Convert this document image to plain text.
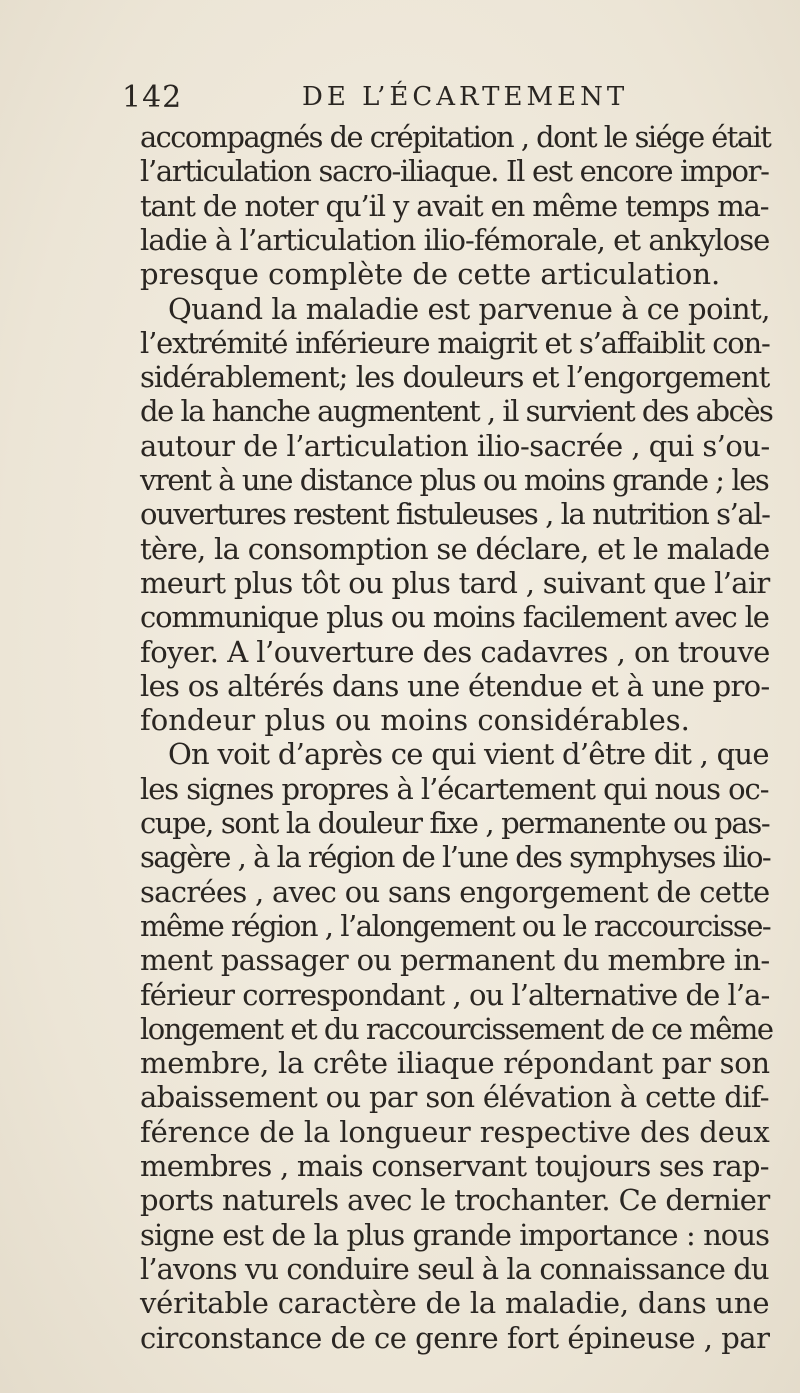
142	DE L’ÉCARTEMENT
accompagnés de crépitation , dont le siége était
l’articulation sacro-iliaque. Il est encore impor-
tant de noter qu’il y avait en même temps ma-
ladie à l’articulation ilio-fémorale, et ankylose
presque complète de cette articulation.
Quand la maladie est parvenue à ce point,
l’extrémité inférieure maigrit et s’affaiblit con-
sidérablement; les douleurs et l’engorgement
de la hanche augmentent , il survient des abcès
autour de l’articulation ilio-sacrée , qui s’ou-
vrent à une distance plus ou moins grande ; les
ouvertures restent fistuleuses , la nutrition s’al-
tère, la consomption se déclare, et le malade
meurt plus tôt ou plus tard , suivant que l’air
communique plus ou moins facilement avec le
foyer. A l’ouverture des cadavres , on trouve
les os altérés dans une étendue et à une pro-
fondeur plus ou moins considérables.
On voit d’après ce qui vient d’être dit , que
les signes propres à l’écartement qui nous oc-
cupe, sont la douleur fixe , permanente ou pas-
sagère , à la région de l’une des symphyses ilio-
sacrées , avec ou sans engorgement de cette
même région , l’alongement ou le raccourcisse-
ment passager ou permanent du membre in-
férieur correspondant , ou l’alternative de l’a-
longement et du raccourcissement de ce même
membre, la crête iliaque répondant par son
abaissement ou par son élévation à cette dif-
férence de la longueur respective des deux
membres , mais conservant toujours ses rap-
ports naturels avec le trochanter. Ce dernier
signe est de la plus grande importance : nous
l’avons vu conduire seul à la connaissance du
véritable caractère de la maladie, dans une
circonstance de ce genre fort épineuse , par
